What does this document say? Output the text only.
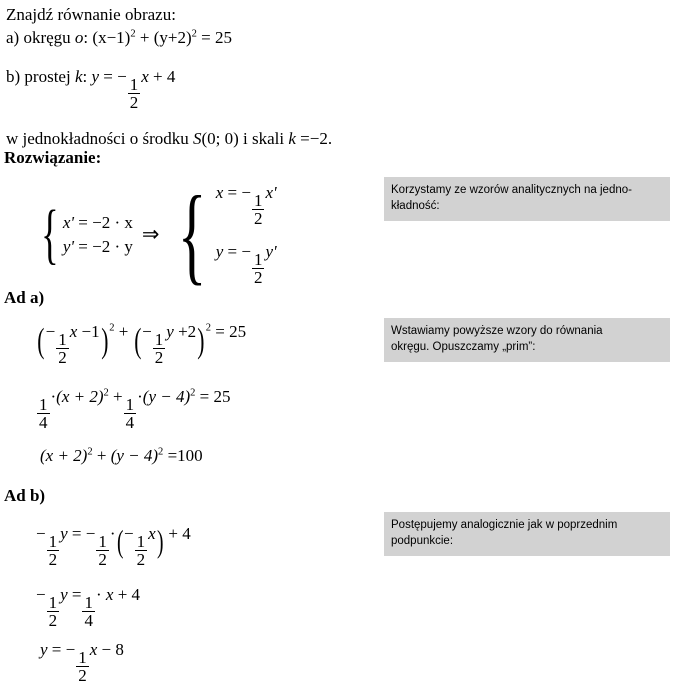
Znajdź równanie obrazu:
a) okręgu o: $(x-1)^2 + (y+2)^2 = 25$
b) prostej k: y = − $\frac{1}{2}$ x + 4
w jednokładności o środku S(0; 0) i skali k =−2.
Rozwiązanie:
{ x' = −2 · x
y' = −2 · y ⇒ { x = − $\frac{1}{2} x'$
y = − $\frac{1}{2} y'$
Ad a)
(− $\frac{1}{2}$ x −1)$^2$ + (− $\frac{1}{2}$ y +2)$^2$ = 25
$\frac{1}{4} \cdot(x + 2)^2 + \frac{1}{4} \cdot(y - 4)^2 = 25$
$(x + 2)^2 + (y - 4)^2 =100$
Ad b)
− $\frac{1}{2}$ y = − $\frac{1}{2}$ ·(− $\frac{1}{2} x) + 4$
− $\frac{1}{2}$ $y = \frac{1}{4} \cdot x + 4$
y = − $\frac{1}{2}$ x − 8
Korzystamy ze wzorów analitycznych na jedno-
kładność:
Wstawiamy powyższe wzory do równania
okręgu. Opuszczamy „prim”:
Postępujemy analogicznie jak w poprzednim
podpunkcie:
